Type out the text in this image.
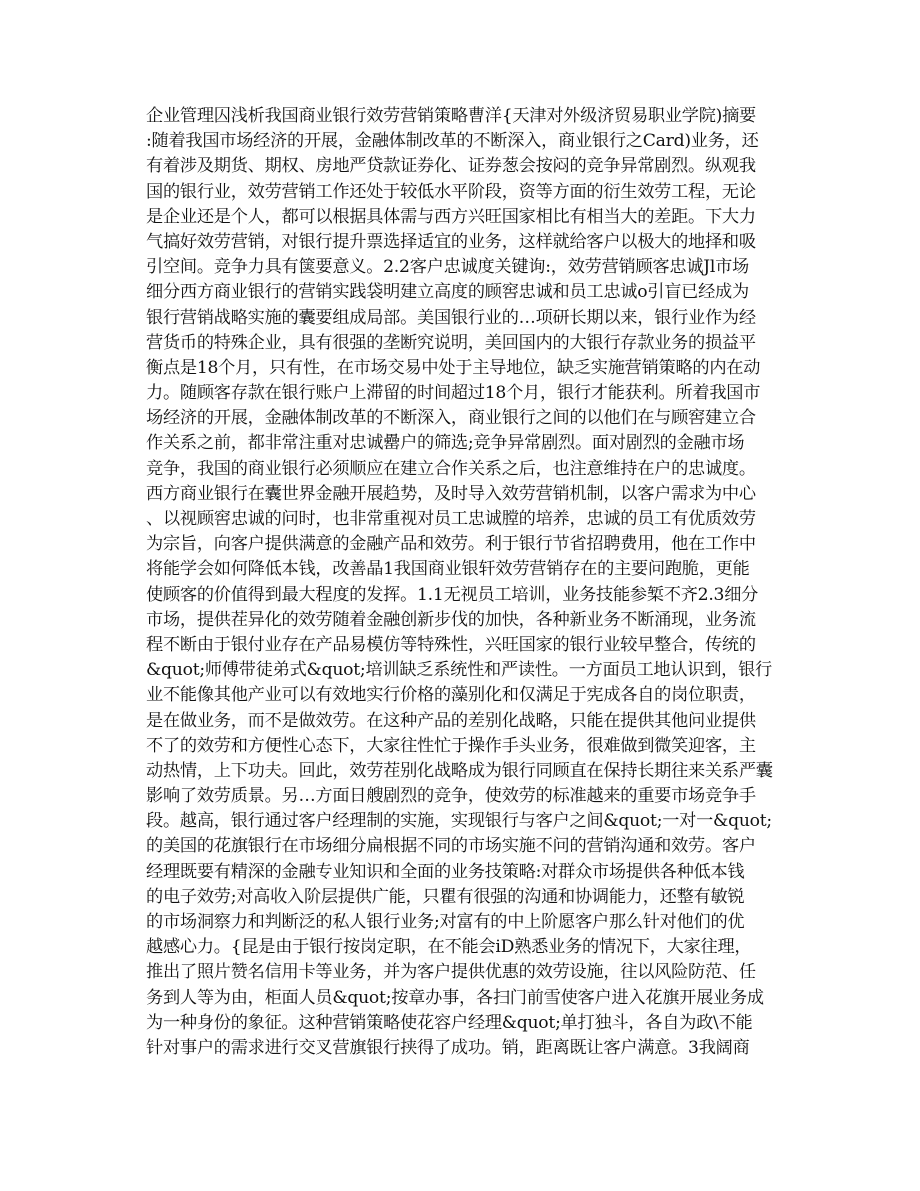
企业管理囚浅析我国商业银行效劳营销策略曹洋{天津对外级济贸易职业学院)摘要
:随着我国市场经济的开展，金融体制改革的不断深入，商业银行之Card)业务，还
有着涉及期货、期权、房地严贷款证券化、证券葱会按闷的竞争异常剧烈。纵观我
国的银行业，效劳营销工作还处于较低水平阶段，资等方面的衍生效劳工程，无论
是企业还是个人，都可以根据具体需与西方兴旺国家相比有相当大的差距。下大力
气搞好效劳营销，对银行提升票选择适宜的业务，这样就给客户以极大的地择和吸
引空间。竞争力具有箧要意义。2.2客户忠诚度关键询:，效劳营销顾客忠诚Jl市场
细分西方商业银行的营销实践袋明建立高度的顾窖忠诚和员工忠诚o引盲已经成为
银行营销战略实施的囊要组成局部。美国银行业的…项研长期以来，银行业作为经
营货币的特殊企业，具有很强的垄断究说明，美回国内的大银行存款业务的损益平
衡点是18个月，只有性，在市场交易中处于主导地位，缺乏实施营销策略的内在动
力。随顾客存款在银行账户上滞留的时间超过18个月，银行才能获利。所着我国市
场经济的开展，金融体制改革的不断深入，商业银行之间的以他们在与顾窖建立合
作关系之前，都非常注重对忠诚罍户的筛选;竞争异常剧烈。面对剧烈的金融市场
竞争，我国的商业银行必须顺应在建立合作关系之后，也注意维持在户的忠诚度。
西方商业银行在囊世界金融开展趋势，及时导入效劳营销机制，以客户需求为中心
、以视顾窖忠诚的问时，也非常重视对员工忠诚膛的培养，忠诚的员工有优质效劳
为宗旨，向客户提供满意的金融产品和效劳。利于银行节省招聘费用，他在工作中
将能学会如何降低本钱，改善晶1我国商业银轩效劳营销存在的主要问跑脆，更能
使顾客的价值得到最大程度的发挥。1.1无视员工培训，业务技能参椠不齐2.3细分
市场，提供茬异化的效劳随着金融创新步伐的加快，各种新业务不断涌现，业务流
程不断由于银付业存在产品易模仿等特殊性，兴旺国家的银行业较早整合，传统的
&quot;师傅带徒弟式&quot;培训缺乏系统性和严读性。一方面员工地认识到，银行
业不能像其他产业可以有效地实行价格的藻别化和仅满足于宪成各自的岗位职责，
是在做业务，而不是做效劳。在这种产品的差别化战略，只能在提供其他问业提供
不了的效劳和方便性心态下，大家往性忙于操作手头业务，很难做到微笑迎客，主
动热情，上下功夫。回此，效劳茬别化战略成为银行同顾直在保持长期往来关系严囊
影响了效劳质景。另…方面日艘剧烈的竞争，使效劳的标准越来的重要市场竞争手
段。越高，银行通过客户经理制的实施，实现银行与客户之间&quot;一对一&quot;
的美国的花旗银行在市场细分扁根据不同的市场实施不问的营销沟通和效劳。客户
经理既要有精深的金融专业知识和全面的业务技策略:对群众市场提供各种低本钱
的电子效劳;对高收入阶层提供广能，只瞿有很强的沟通和协调能力，还整有敏锐
的市场洞察力和判断泛的私人银行业务;对富有的中上阶愿客户那么针对他们的优
越感心力。{昆是由于银行按岗定职，在不能会iD熟悉业务的情况下，大家往理，
推出了照片赞名信用卡等业务，并为客户提供优惠的效劳设施，往以风险防范、任
务到人等为由，柜面人员&quot;按章办事，各扫门前雪使客户进入花旗开展业务成
为一种身份的象征。这种营销策略使花容户经理&quot;单打独斗，各自为政\不能
针对事户的需求进行交叉营旗银行挟得了成功。销，距离既让客户满意。3我阔商
